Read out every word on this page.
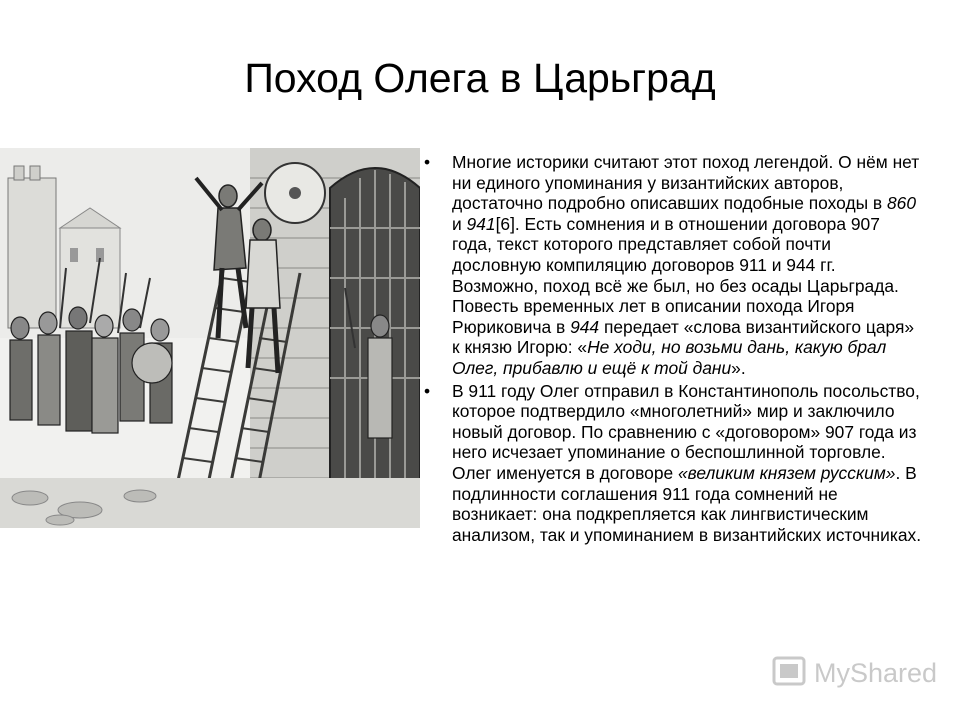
Поход Олега в Царьград
• Многие историки считают этот поход легендой. О нём нет ни единого упоминания у византийских авторов, достаточно подробно описавших подобные походы в 860 и 941[6]. Есть сомнения и в отношении договора 907 года, текст которого представляет собой почти дословную компиляцию договоров 911 и 944 гг. Возможно, поход всё же был, но без осады Царьграда. Повесть временных лет в описании похода Игоря Рюриковича в 944 передает «слова византийского царя» к князю Игорю: «Не ходи, но возьми дань, какую брал Олег, прибавлю и ещё к той дани».
• В 911 году Олег отправил в Константинополь посольство, которое подтвердило «многолетний» мир и заключило новый договор. По сравнению с «договором» 907 года из него исчезает упоминание о беспошлинной торговле. Олег именуется в договоре «великим князем русским». В подлинности соглашения 911 года сомнений не возникает: она подкрепляется как лингвистическим анализом, так и упоминанием в византийских источниках.
MyShared
